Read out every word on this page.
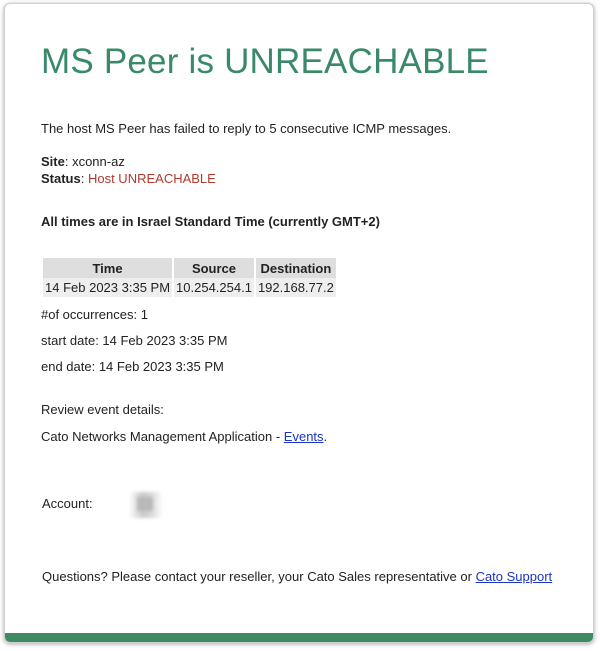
MS Peer is UNREACHABLE
The host MS Peer has failed to reply to 5 consecutive ICMP messages.
Site: xconn-az
Status: Host UNREACHABLE
All times are in Israel Standard Time (currently GMT+2)
Time	Source	Destination
14 Feb 2023 3:35 PM	10.254.254.1	192.168.77.2
#of occurrences: 1
start date: 14 Feb 2023 3:35 PM
end date: 14 Feb 2023 3:35 PM
Review event details:
Cato Networks Management Application - Events.
Account:
Questions? Please contact your reseller, your Cato Sales representative or Cato Support
